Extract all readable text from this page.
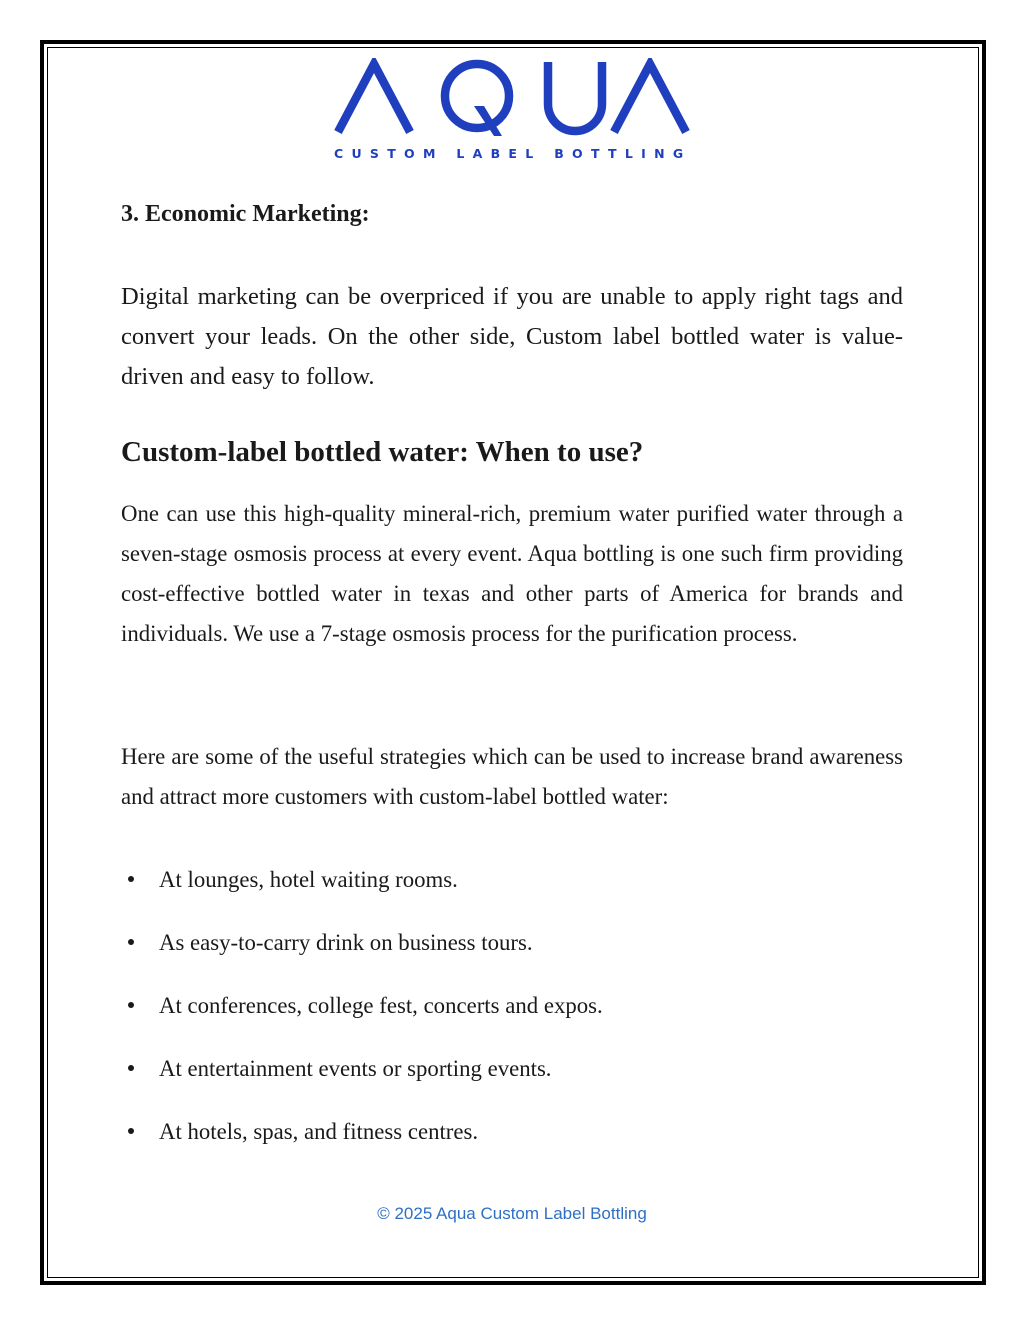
CUSTOM LABEL BOTTLING
3. Economic Marketing:
Digital marketing can be overpriced if you are unable to apply right tags and convert your leads. On the other side, Custom label bottled water is value-driven and easy to follow.
Custom-label bottled water: When to use?
One can use this high-quality mineral-rich, premium water purified water through a seven-stage osmosis process at every event. Aqua bottling is one such firm providing cost-effective bottled water in texas and other parts of America for brands and individuals. We use a 7-stage osmosis process for the purification process.
Here are some of the useful strategies which can be used to increase brand awareness and attract more customers with custom-label bottled water:
At lounges, hotel waiting rooms.
As easy-to-carry drink on business tours.
At conferences, college fest, concerts and expos.
At entertainment events or sporting events.
At hotels, spas, and fitness centres.
© 2025 Aqua Custom Label Bottling
